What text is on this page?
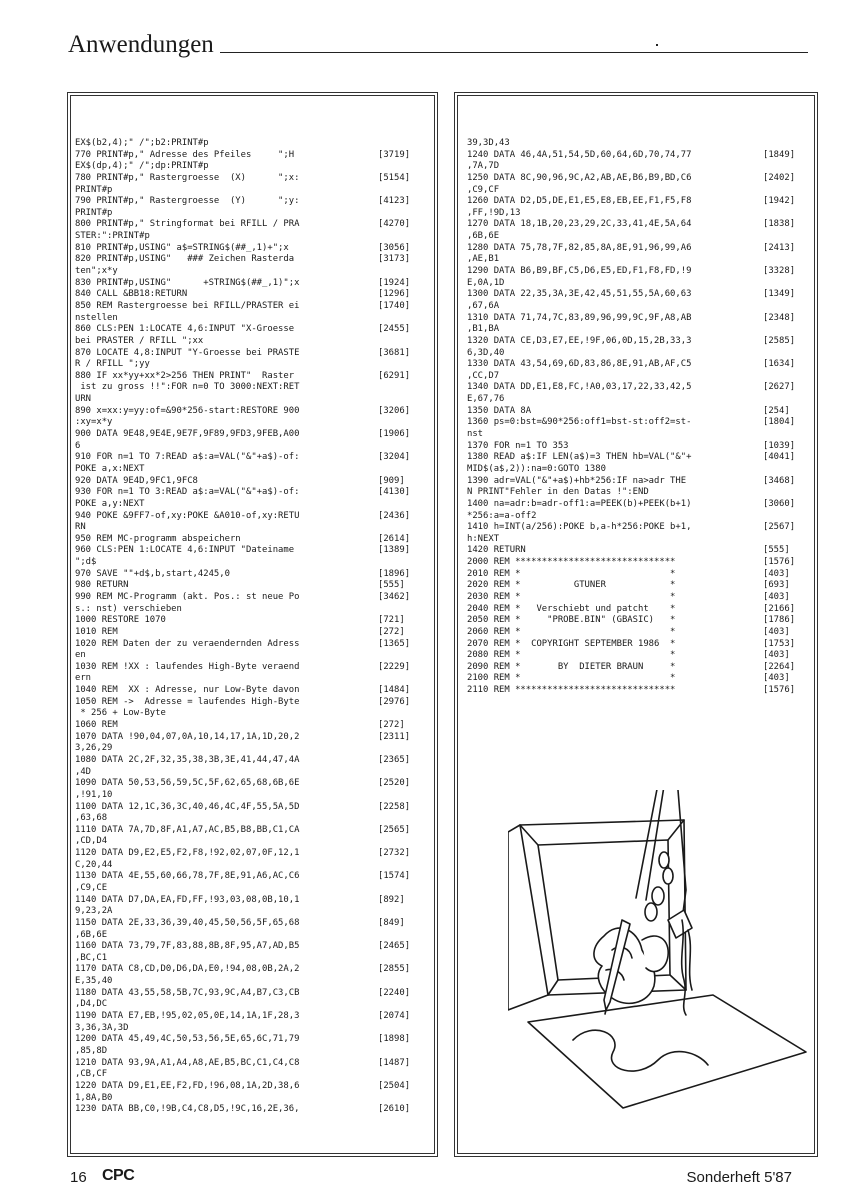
Anwendungen
EX$(b2,4);" /";b2:PRINT#p
770 PRINT#p," Adresse des Pfeiles     ";H	[3719]
EX$(dp,4);" /";dp:PRINT#p
780 PRINT#p," Rastergroesse  (X)      ";x:	[5154]
PRINT#p
790 PRINT#p," Rastergroesse  (Y)      ";y:	[4123]
PRINT#p
800 PRINT#p," Stringformat bei RFILL / PRA	[4270]
STER:":PRINT#p
810 PRINT#p,USING" a$=STRING$(##_,1)+";x	[3056]
820 PRINT#p,USING"   ### Zeichen Rasterda	[3173]
ten";x*y
830 PRINT#p,USING"      +STRING$(##_,1)";x	[1924]
840 CALL &BB18:RETURN	[1296]
850 REM Rastergroesse bei RFILL/PRASTER ei	[1740]
nstellen
860 CLS:PEN 1:LOCATE 4,6:INPUT "X-Groesse	[2455]
bei PRASTER / RFILL ";xx
870 LOCATE 4,8:INPUT "Y-Groesse bei PRASTE	[3681]
R / RFILL ";yy
880 IF xx*yy+xx*2>256 THEN PRINT"  Raster	[6291]
ist zu gross !!":FOR n=0 TO 3000:NEXT:RET
URN
890 x=xx:y=yy:of=&90*256-start:RESTORE 900	[3206]
:xy=x*y
900 DATA 9E48,9E4E,9E7F,9F89,9FD3,9FEB,A00	[1906]
6
910 FOR n=1 TO 7:READ a$:a=VAL("&"+a$)-of:	[3204]
POKE a,x:NEXT
920 DATA 9E4D,9FC1,9FC8	[909]
930 FOR n=1 TO 3:READ a$:a=VAL("&"+a$)-of:	[4130]
POKE a,y:NEXT
940 POKE &9FF7-of,xy:POKE &A010-of,xy:RETU	[2436]
RN
950 REM MC-programm abspeichern	[2614]
960 CLS:PEN 1:LOCATE 4,6:INPUT "Dateiname	[1389]
";d$
970 SAVE ""+d$,b,start,4245,0	[1896]
980 RETURN	[555]
990 REM MC-Programm (akt. Pos.: st neue Po	[3462]
s.: nst) verschieben
1000 RESTORE 1070	[721]
1010 REM	[272]
1020 REM Daten der zu veraendernden Adress	[1365]
en
1030 REM !XX : laufendes High-Byte veraend	[2229]
ern
1040 REM  XX : Adresse, nur Low-Byte davon	[1484]
1050 REM ->  Adresse = laufendes High-Byte	[2976]
* 256 + Low-Byte
1060 REM	[272]
1070 DATA !90,04,07,0A,10,14,17,1A,1D,20,2	[2311]
3,26,29
1080 DATA 2C,2F,32,35,38,3B,3E,41,44,47,4A	[2365]
,4D
1090 DATA 50,53,56,59,5C,5F,62,65,68,6B,6E	[2520]
,!91,10
1100 DATA 12,1C,36,3C,40,46,4C,4F,55,5A,5D	[2258]
,63,68
1110 DATA 7A,7D,8F,A1,A7,AC,B5,B8,BB,C1,CA	[2565]
,CD,D4
1120 DATA D9,E2,E5,F2,F8,!92,02,07,0F,12,1	[2732]
C,20,44
1130 DATA 4E,55,60,66,78,7F,8E,91,A6,AC,C6	[1574]
,C9,CE
1140 DATA D7,DA,EA,FD,FF,!93,03,08,0B,10,1	[892]
9,23,2A
1150 DATA 2E,33,36,39,40,45,50,56,5F,65,68	[849]
,6B,6E
1160 DATA 73,79,7F,83,88,8B,8F,95,A7,AD,B5	[2465]
,BC,C1
1170 DATA C8,CD,D0,D6,DA,E0,!94,08,0B,2A,2	[2855]
E,35,40
1180 DATA 43,55,58,5B,7C,93,9C,A4,B7,C3,CB	[2240]
,D4,DC
1190 DATA E7,EB,!95,02,05,0E,14,1A,1F,28,3	[2074]
3,36,3A,3D
1200 DATA 45,49,4C,50,53,56,5E,65,6C,71,79	[1898]
,85,8D
1210 DATA 93,9A,A1,A4,A8,AE,B5,BC,C1,C4,C8	[1487]
,CB,CF
1220 DATA D9,E1,EE,F2,FD,!96,08,1A,2D,38,6	[2504]
1,8A,B0
1230 DATA BB,C0,!9B,C4,C8,D5,!9C,16,2E,36,	[2610]
39,3D,43
1240 DATA 46,4A,51,54,5D,60,64,6D,70,74,77	[1849]
,7A,7D
1250 DATA 8C,90,96,9C,A2,AB,AE,B6,B9,BD,C6	[2402]
,C9,CF
1260 DATA D2,D5,DE,E1,E5,E8,EB,EE,F1,F5,F8	[1942]
,FF,!9D,13
1270 DATA 18,1B,20,23,29,2C,33,41,4E,5A,64	[1838]
,6B,6E
1280 DATA 75,78,7F,82,85,8A,8E,91,96,99,A6	[2413]
,AE,B1
1290 DATA B6,B9,BF,C5,D6,E5,ED,F1,F8,FD,!9	[3328]
E,0A,1D
1300 DATA 22,35,3A,3E,42,45,51,55,5A,60,63	[1349]
,67,6A
1310 DATA 71,74,7C,83,89,96,99,9C,9F,A8,AB	[2348]
,B1,BA
1320 DATA CE,D3,E7,EE,!9F,06,0D,15,2B,33,3	[2585]
6,3D,40
1330 DATA 43,54,69,6D,83,86,8E,91,AB,AF,C5	[1634]
,CC,D7
1340 DATA DD,E1,E8,FC,!A0,03,17,22,33,42,5	[2627]
E,67,76
1350 DATA 8A	[254]
1360 ps=0:bst=&90*256:off1=bst-st:off2=st-	[1804]
nst
1370 FOR n=1 TO 353	[1039]
1380 READ a$:IF LEN(a$)=3 THEN hb=VAL("&"+	[4041]
MID$(a$,2)):na=0:GOTO 1380
1390 adr=VAL("&"+a$)+hb*256:IF na>adr THE	[3468]
N PRINT"Fehler in den Datas !":END
1400 na=adr:b=adr-off1:a=PEEK(b)+PEEK(b+1)	[3060]
*256:a=a-off2
1410 h=INT(a/256):POKE b,a-h*256:POKE b+1,	[2567]
h:NEXT
1420 RETURN	[555]
2000 REM ******************************	[1576]
2010 REM *                            *	[403]
2020 REM *          GTUNER            *	[693]
2030 REM *                            *	[403]
2040 REM *   Verschiebt und patcht    *	[2166]
2050 REM *     "PROBE.BIN" (GBASIC)   *	[1786]
2060 REM *                            *	[403]
2070 REM *  COPYRIGHT SEPTEMBER 1986  *	[1753]
2080 REM *                            *	[403]
2090 REM *       BY  DIETER BRAUN     *	[2264]
2100 REM *                            *	[403]
2110 REM ******************************	[1576]
16 CPC	Sonderheft 5'87
